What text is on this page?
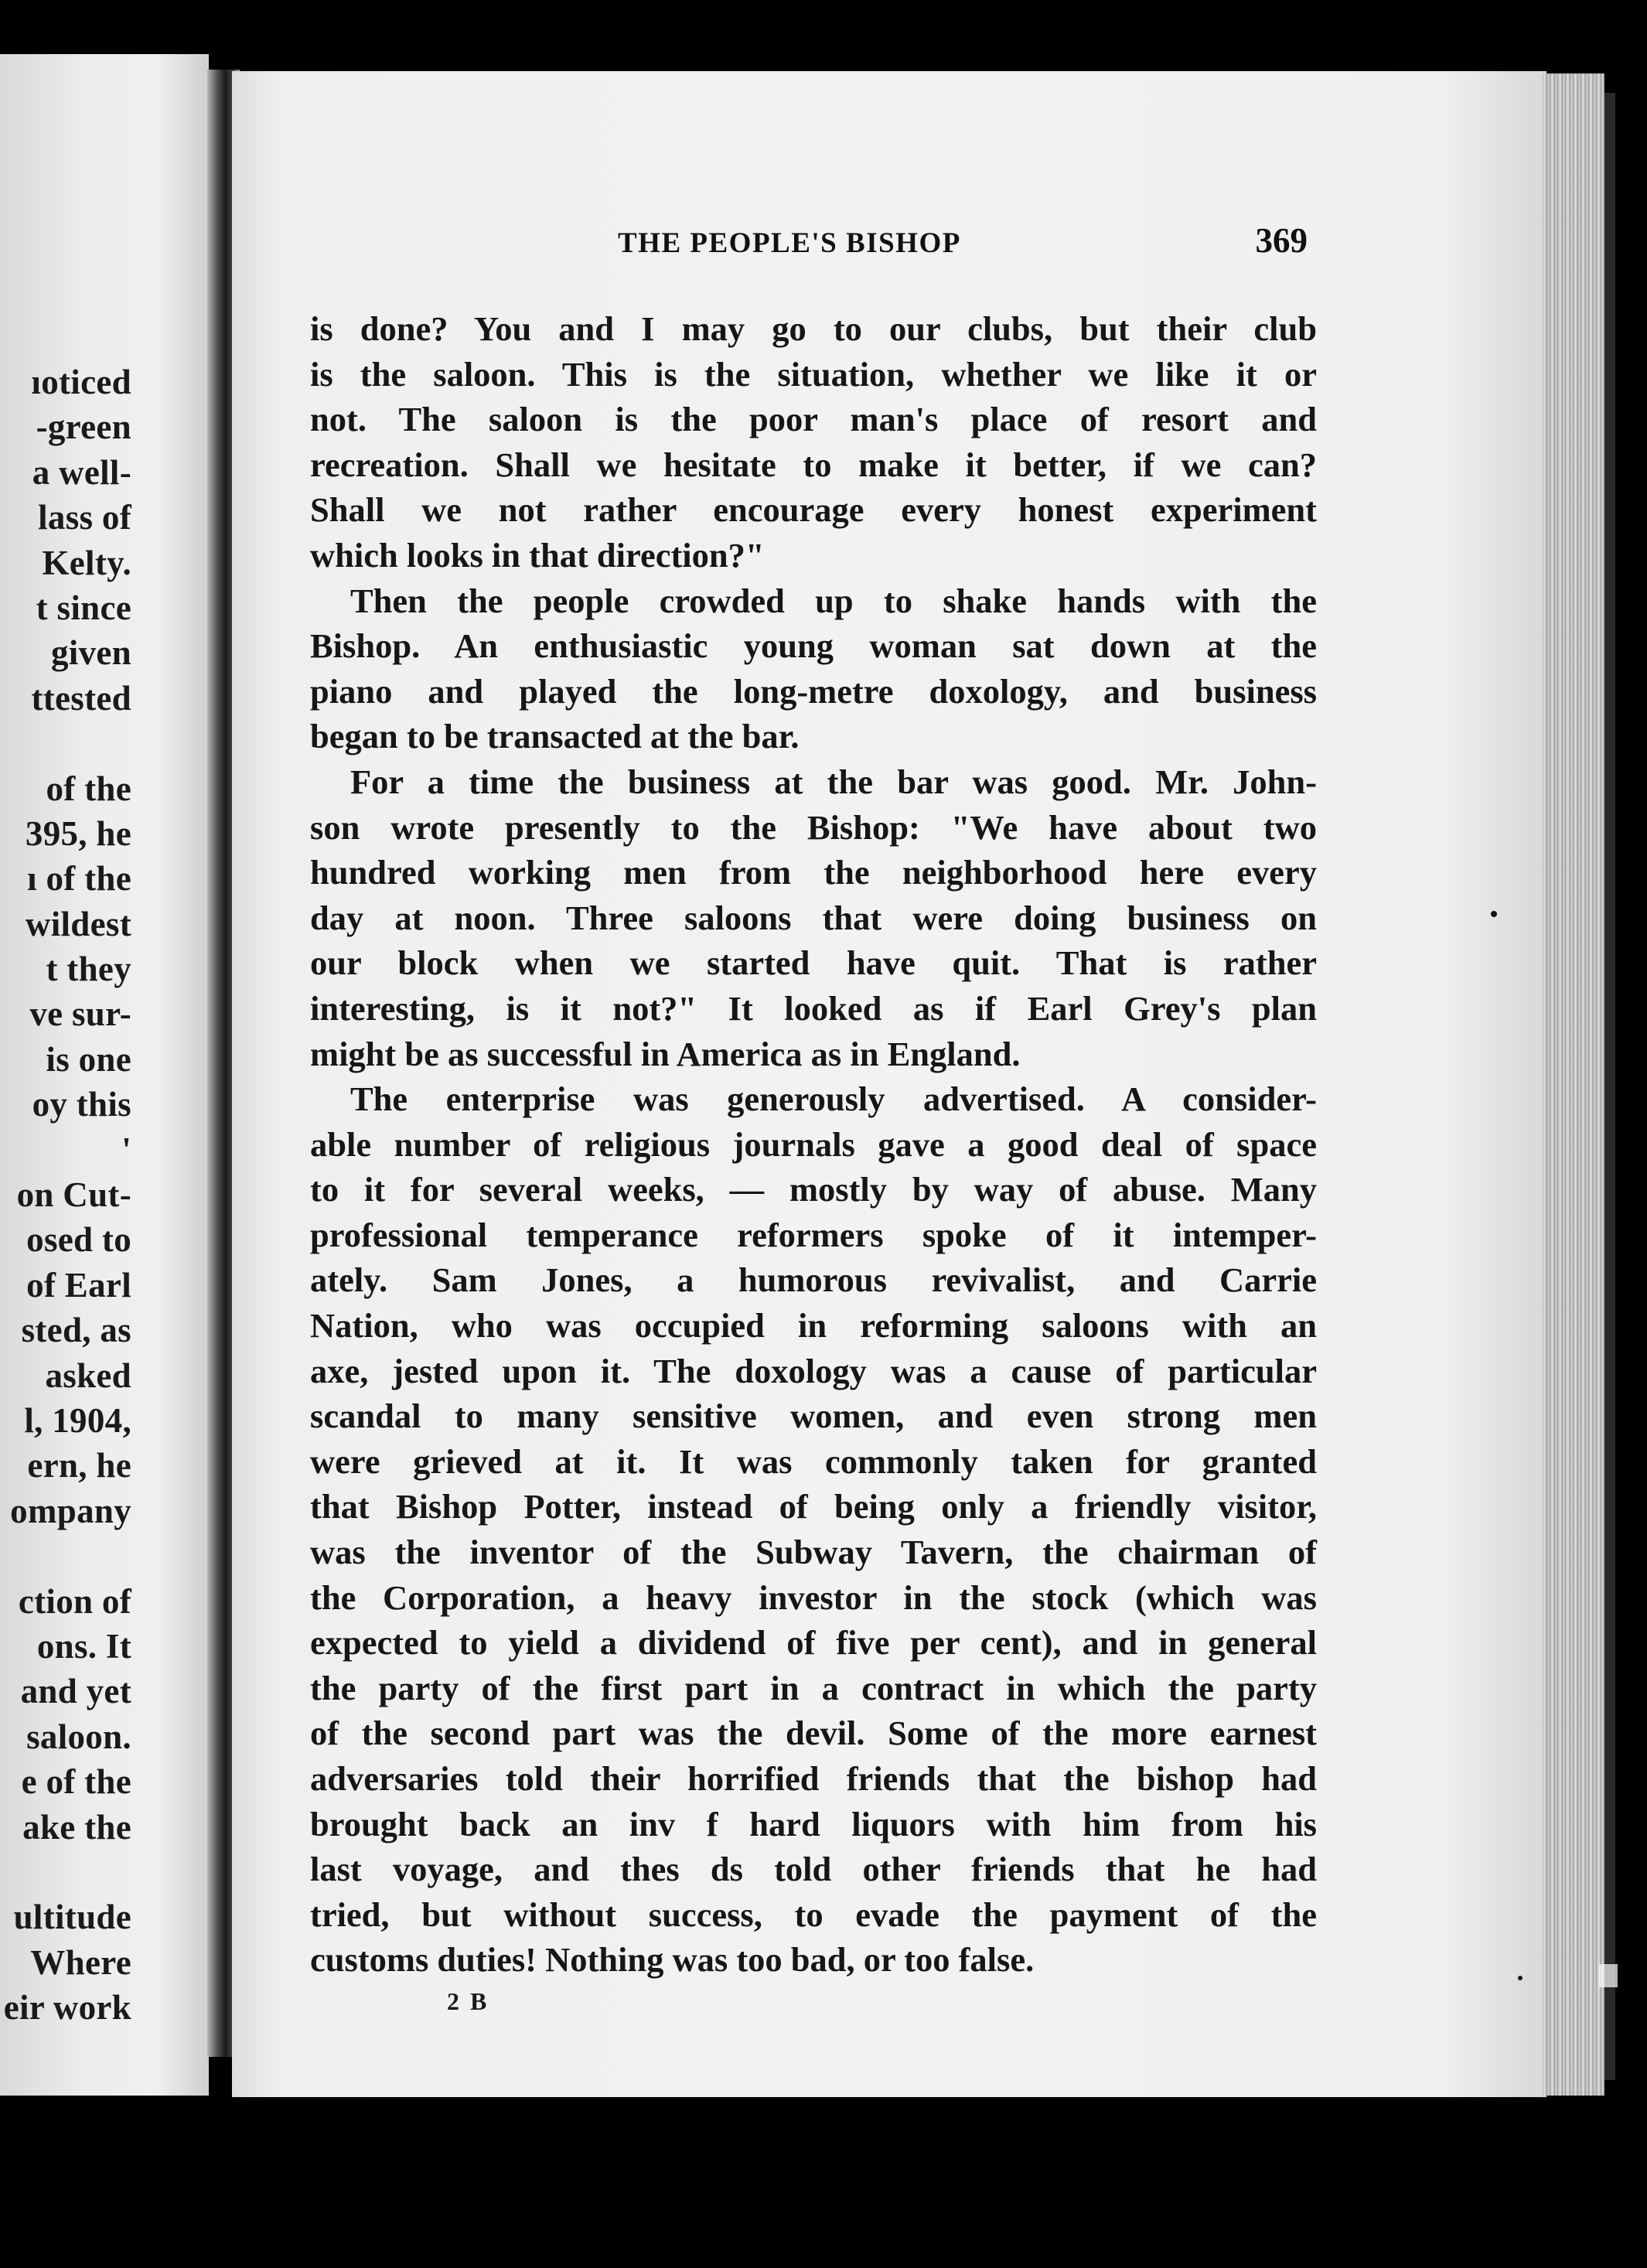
ıoticed
-green
a well-
lass of
Kelty.
t since
given
ttested
of the
395, he
ı of the
wildest
t they
ve sur-
is one
oy this
'
on Cut-
osed to
of Earl
sted, as
asked
l, 1904,
ern, he
ompany
ction of
ons. It
and yet
saloon.
e of the
ake the
ultitude
Where
eir work
THE PEOPLE'S BISHOP	369
is done? You and I may go to our clubs, but their club
is the saloon. This is the situation, whether we like it or
not. The saloon is the poor man's place of resort and
recreation. Shall we hesitate to make it better, if we can?
Shall we not rather encourage every honest experiment
which looks in that direction?"
Then the people crowded up to shake hands with the
Bishop. An enthusiastic young woman sat down at the
piano and played the long-metre doxology, and business
began to be transacted at the bar.
For a time the business at the bar was good. Mr. John-
son wrote presently to the Bishop: "We have about two
hundred working men from the neighborhood here every
day at noon. Three saloons that were doing business on
our block when we started have quit. That is rather
interesting, is it not?" It looked as if Earl Grey's plan
might be as successful in America as in England.
The enterprise was generously advertised. A consider-
able number of religious journals gave a good deal of space
to it for several weeks, — mostly by way of abuse. Many
professional temperance reformers spoke of it intemper-
ately. Sam Jones, a humorous revivalist, and Carrie
Nation, who was occupied in reforming saloons with an
axe, jested upon it. The doxology was a cause of particular
scandal to many sensitive women, and even strong men
were grieved at it. It was commonly taken for granted
that Bishop Potter, instead of being only a friendly visitor,
was the inventor of the Subway Tavern, the chairman of
the Corporation, a heavy investor in the stock (which was
expected to yield a dividend of five per cent), and in general
the party of the first part in a contract in which the party
of the second part was the devil. Some of the more earnest
adversaries told their horrified friends that the bishop had
brought back an inv f hard liquors with him from his
last voyage, and thes ds told other friends that he had
tried, but without success, to evade the payment of the
customs duties! Nothing was too bad, or too false.
2 B
